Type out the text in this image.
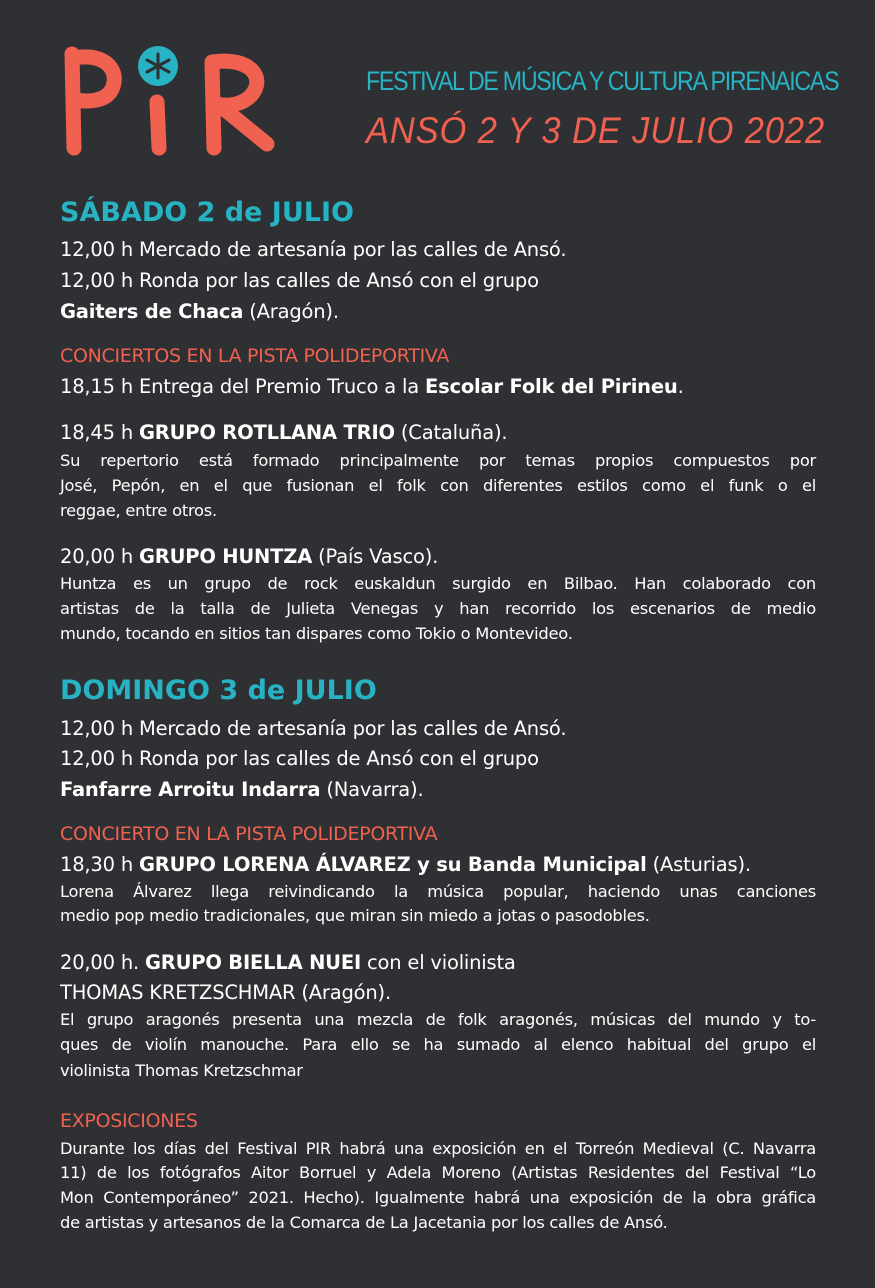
FESTIVAL DE MÚSICA Y CULTURA PIRENAICAS
ANSÓ 2 Y 3 DE JULIO 2022
SÁBADO 2 de JULIO
12,00 h Mercado de artesanía por las calles de Ansó.
12,00 h Ronda por las calles de Ansó con el grupo
Gaiters de Chaca (Aragón).
CONCIERTOS EN LA PISTA POLIDEPORTIVA
18,15 h Entrega del Premio Truco a la Escolar Folk del Pirineu.
18,45 h GRUPO ROTLLANA TRIO (Cataluña).
Su repertorio está formado principalmente por temas propios compuestos por
José, Pepón, en el que fusionan el folk con diferentes estilos como el funk o el
reggae, entre otros.
20,00 h GRUPO HUNTZA (País Vasco).
Huntza es un grupo de rock euskaldun surgido en Bilbao. Han colaborado con
artistas de la talla de Julieta Venegas y han recorrido los escenarios de medio
mundo, tocando en sitios tan dispares como Tokio o Montevideo.
DOMINGO 3 de JULIO
12,00 h Mercado de artesanía por las calles de Ansó.
12,00 h Ronda por las calles de Ansó con el grupo
Fanfarre Arroitu Indarra (Navarra).
CONCIERTO EN LA PISTA POLIDEPORTIVA
18,30 h GRUPO LORENA ÁLVAREZ y su Banda Municipal (Asturias).
Lorena Álvarez llega reivindicando la música popular, haciendo unas canciones
medio pop medio tradicionales, que miran sin miedo a jotas o pasodobles.
20,00 h. GRUPO BIELLA NUEI con el violinista
THOMAS KRETZSCHMAR (Aragón).
El grupo aragonés presenta una mezcla de folk aragonés, músicas del mundo y to-
ques de violín manouche. Para ello se ha sumado al elenco habitual del grupo el
violinista Thomas Kretzschmar
EXPOSICIONES
Durante los días del Festival PIR habrá una exposición en el Torreón Medieval (C. Navarra
11) de los fotógrafos Aitor Borruel y Adela Moreno (Artistas Residentes del Festival “Lo
Mon Contemporáneo” 2021. Hecho). Igualmente habrá una exposición de la obra gráfica
de artistas y artesanos de la Comarca de La Jacetania por los calles de Ansó.
